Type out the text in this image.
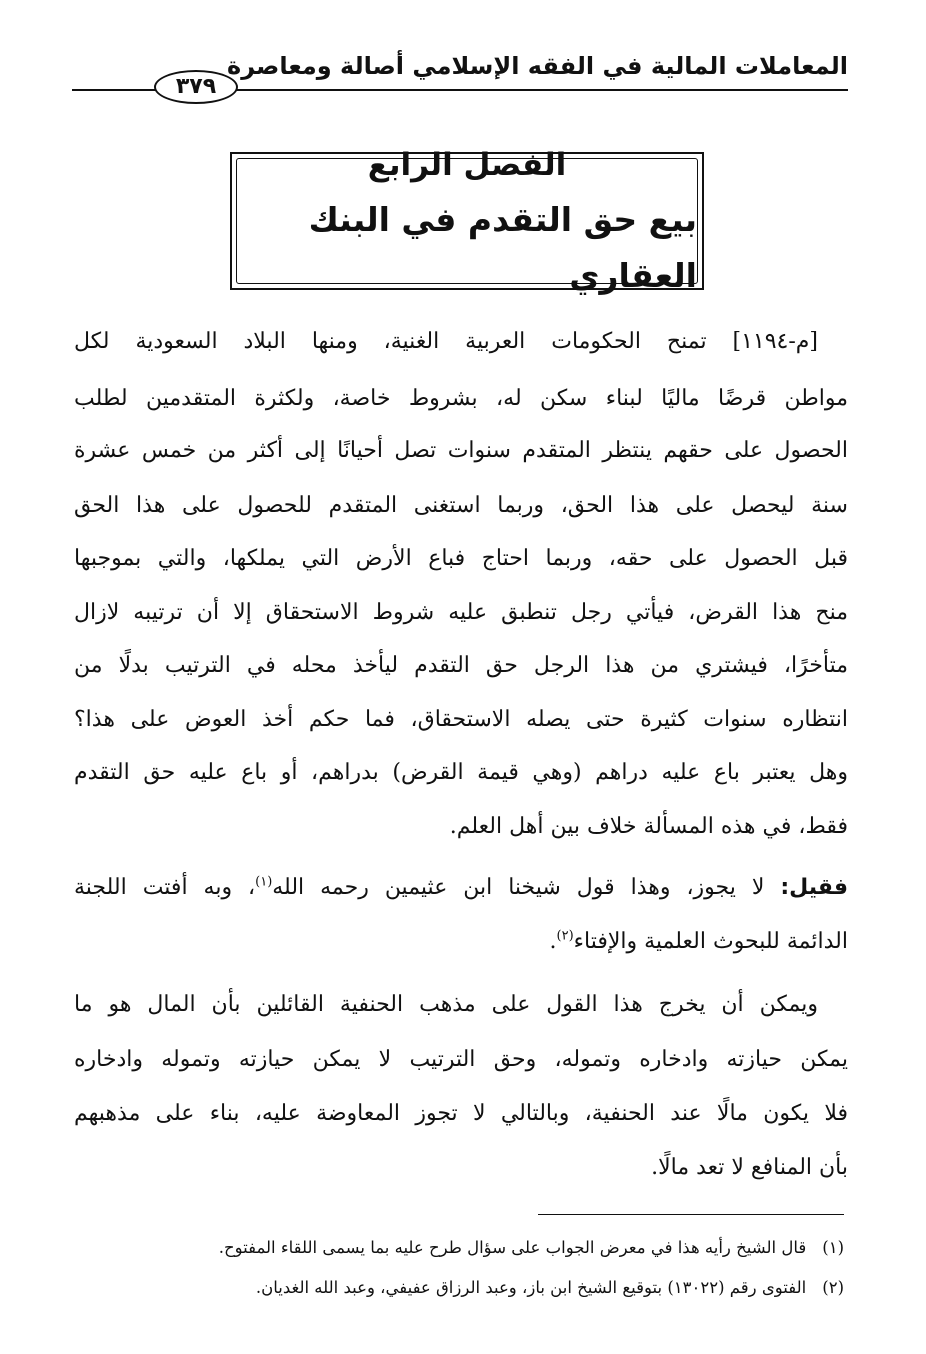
المعاملات المالية في الفقه الإسلامي أصالة ومعاصرة
٣٧٩
الفصل الرابع
بيع حق التقدم في البنك العقاري
[م-١١٩٤] تمنح الحكومات العربية الغنية، ومنها البلاد السعودية لكل
مواطن قرضًا ماليًا لبناء سكن له، بشروط خاصة، ولكثرة المتقدمين لطلب
الحصول على حقهم ينتظر المتقدم سنوات تصل أحيانًا إلى أكثر من خمس عشرة
سنة ليحصل على هذا الحق، وربما استغنى المتقدم للحصول على هذا الحق
قبل الحصول على حقه، وربما احتاج فباع الأرض التي يملكها، والتي بموجبها
منح هذا القرض، فيأتي رجل تنطبق عليه شروط الاستحقاق إلا أن ترتيبه لازال
متأخرًا، فيشتري من هذا الرجل حق التقدم ليأخذ محله في الترتيب بدلًا من
انتظاره سنوات كثيرة حتى يصله الاستحقاق، فما حكم أخذ العوض على هذا؟
وهل يعتبر باع عليه دراهم (وهي قيمة القرض) بدراهم، أو باع عليه حق التقدم
فقط، في هذه المسألة خلاف بين أهل العلم.
فقيل: لا يجوز، وهذا قول شيخنا ابن عثيمين رحمه الله$^{(١)}$، وبه أفتت اللجنة
الدائمة للبحوث العلمية والإفتاء$^{(٢)}$.
ويمكن أن يخرج هذا القول على مذهب الحنفية القائلين بأن المال هو ما
يمكن حيازته وادخاره وتموله، وحق الترتيب لا يمكن حيازته وتموله وادخاره
فلا يكون مالًا عند الحنفية، وبالتالي لا تجوز المعاوضة عليه، بناء على مذهبهم
بأن المنافع لا تعد مالًا.
(١)قال الشيخ رأيه هذا في معرض الجواب على سؤال طرح عليه بما يسمى اللقاء المفتوح.
(٢)الفتوى رقم (١٣٠٢٢) بتوقيع الشيخ ابن باز، وعبد الرزاق عفيفي، وعبد الله الغديان.
